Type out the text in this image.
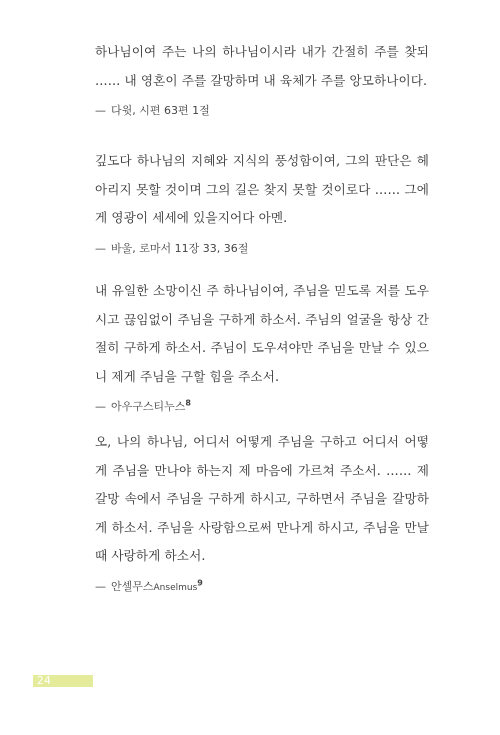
하나님이여 주는 나의 하나님이시라 내가 간절히 주를 찾되 …… 내 영혼이 주를 갈망하며 내 육체가 주를 앙모하나이다.

— 다윗, 시편 63편 1절

깊도다 하나님의 지혜와 지식의 풍성함이여, 그의 판단은 헤아리지 못할 것이며 그의 길은 찾지 못할 것이로다 …… 그에게 영광이 세세에 있을지어다 아멘.

— 바울, 로마서 11장 33, 36절

내 유일한 소망이신 주 하나님이여, 주님을 믿도록 저를 도우시고 끊임없이 주님을 구하게 하소서. 주님의 얼굴을 항상 간절히 구하게 하소서. 주님이 도우셔야만 주님을 만날 수 있으니 제게 주님을 구할 힘을 주소서.

— 아우구스티누스$^8$

오, 나의 하나님, 어디서 어떻게 주님을 구하고 어디서 어떻게 주님을 만나야 하는지 제 마음에 가르쳐 주소서. …… 제 갈망 속에서 주님을 구하게 하시고, 구하면서 주님을 갈망하게 하소서. 주님을 사랑함으로써 만나게 하시고, 주님을 만날 때 사랑하게 하소서.

— 안셀무스Anselmus$^9$

24
